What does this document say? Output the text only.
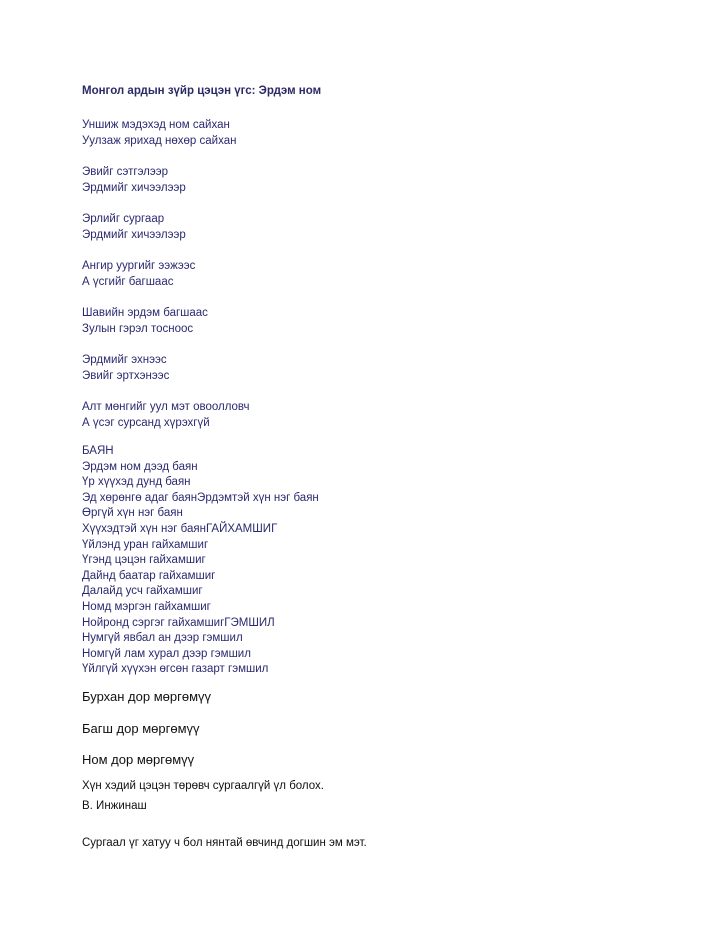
Монгол ардын зүйр цэцэн үгс: Эрдэм ном
Уншиж мэдэхэд ном сайхан
Уулзаж ярихад нөхөр сайхан
Эвийг сэтгэлээр
Эрдмийг хичээлээр
Эрлийг сургаар
Эрдмийг хичээлээр
Ангир уургийг ээжээс
А үсгийг багшаас
Шавийн эрдэм багшаас
Зулын гэрэл тосноос
Эрдмийг эхнээс
Эвийг эртхэнээс
Алт мөнгийг уул мэт овоолловч
А үсэг сурсанд хүрэхгүй
БАЯН
Эрдэм ном дээд баян
Үр хүүхэд дунд баян
Эд хөрөнгө адаг баянЭрдэмтэй хүн нэг баян
Өргүй хүн нэг баян
Хүүхэдтэй хүн нэг баянГАЙХАМШИГ
Үйлэнд уран гайхамшиг
Үгэнд цэцэн гайхамшиг
Дайнд баатар гайхамшиг
Далайд усч гайхамшиг
Номд мэргэн гайхамшиг
Нойронд сэргэг гайхамшигГЭМШИЛ
Нумгүй явбал ан дээр гэмшил
Номгүй лам хурал дээр гэмшил
Үйлгүй хүүхэн өгсөн газарт гэмшил
Бурхан дор мөргөмүү
Багш дор мөргөмүү
Ном дор мөргөмүү
Хүн хэдий цэцэн төрөвч сургаалгүй үл болох.
В. Инжинаш
Сургаал үг хатуу ч бол нянтай өвчинд догшин эм мэт.
